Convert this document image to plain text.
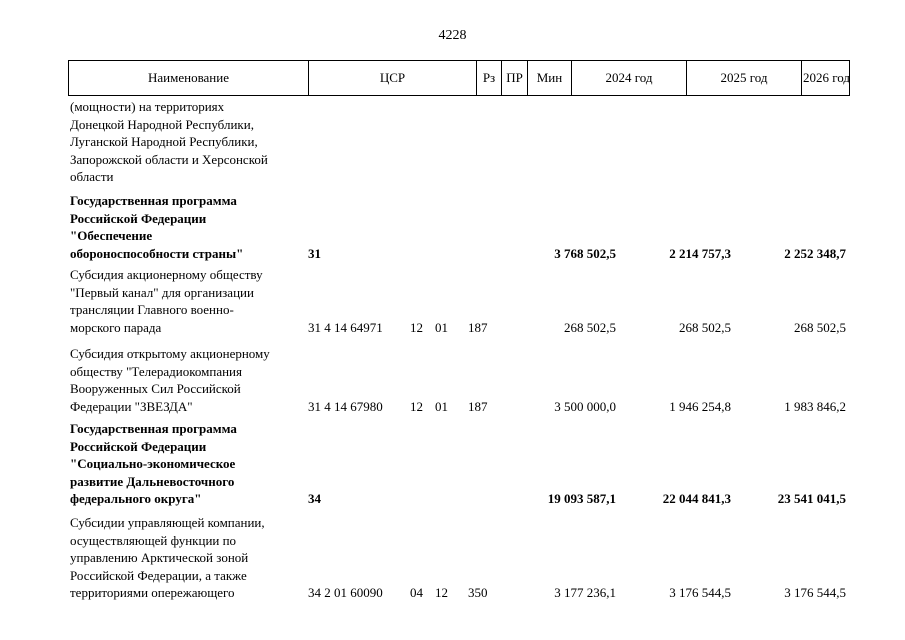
4228
Наименование	ЦСР	Рз ПР	Мин	2024 год	2025 год	2026 год
(мощности) на территориях
Донецкой Народной Республики,
Луганской Народной Республики,
Запорожской области и Херсонской
области
Государственная программа
Российской Федерации
"Обеспечение
обороноспособности страны"	31	3 768 502,5	2 214 757,3	2 252 348,7
Субсидия акционерному обществу
"Первый канал" для организации
трансляции Главного военно-
морского парада	31 4 14 64971	12 01	187	268 502,5	268 502,5	268 502,5
Субсидия открытому акционерному
обществу "Телерадиокомпания
Вооруженных Сил Российской
Федерации "ЗВЕЗДА"	31 4 14 67980	12 01	187	3 500 000,0	1 946 254,8	1 983 846,2
Государственная программа
Российской Федерации
"Социально-экономическое
развитие Дальневосточного
федерального округа"	34	19 093 587,1	22 044 841,3	23 541 041,5
Субсидии управляющей компании,
осуществляющей функции по
управлению Арктической зоной
Российской Федерации, а также
территориями опережающего	34 2 01 60090	04 12	350	3 177 236,1	3 176 544,5	3 176 544,5
